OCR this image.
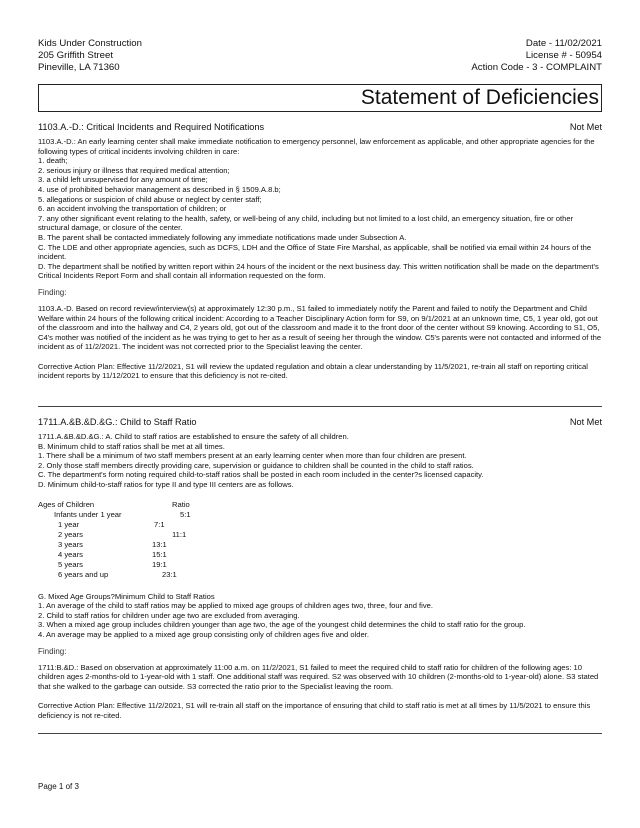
Kids Under Construction
205 Griffith Street
Pineville, LA 71360
Date - 11/02/2021
License # - 50954
Action Code - 3 - COMPLAINT
Statement of Deficiencies
1103.A.-D.: Critical Incidents and Required Notifications	Not Met
1103.A.-D.: An early learning center shall make immediate notification to emergency personnel, law enforcement as applicable, and other appropriate agencies for the following types of critical incidents involving children in care:
1. death;
2. serious injury or illness that required medical attention;
3. a child left unsupervised for any amount of time;
4. use of prohibited behavior management as described in § 1509.A.8.b;
5. allegations or suspicion of child abuse or neglect by center staff;
6. an accident involving the transportation of children; or
7. any other significant event relating to the health, safety, or well-being of any child, including but not limited to a lost child, an emergency situation, fire or other structural damage, or closure of the center.
B. The parent shall be contacted immediately following any immediate notifications made under Subsection A.
C. The LDE and other appropriate agencies, such as DCFS, LDH and the Office of State Fire Marshal, as applicable, shall be notified via email within 24 hours of the incident.
D. The department shall be notified by written report within 24 hours of the incident or the next business day. This written notification shall be made on the department's Critical Incidents Report Form and shall contain all information requested on the form.
Finding:
1103.A.-D. Based on record review/interview(s) at approximately 12:30 p.m., S1 failed to immediately notify the Parent and failed to notify the Department and Child Welfare within 24 hours of the following critical incident: According to a Teacher Disciplinary Action form for S9, on 9/1/2021 at an unknown time, C5, 1 year old, got out of the classroom and into the hallway and C4, 2 years old, got out of the classroom and made it to the front door of the center without S9 knowing. According to S1, O5, C4's mother was notified of the incident as he was trying to get to her as a result of seeing her through the window. C5's parents were not contacted and informed of the incident as of 11/2/2021. The incident was not corrected prior to the Specialist leaving the center.
Corrective Action Plan: Effective 11/2/2021, S1 will review the updated regulation and obtain a clear understanding by 11/5/2021, re-train all staff on reporting critical incident reports by 11/12/2021 to ensure that this deficiency is not re-cited.
1711.A.&B.&D.&G.: Child to Staff Ratio	Not Met
1711.A.&B.&D.&G.: A. Child to staff ratios are established to ensure the safety of all children.
B. Minimum child to staff ratios shall be met at all times.
1. There shall be a minimum of two staff members present at an early learning center when more than four children are present.
2. Only those staff members directly providing care, supervision or guidance to children shall be counted in the child to staff ratios.
C. The department's form noting required child-to-staff ratios shall be posted in each room included in the center?s licensed capacity.
D. Minimum child-to-staff ratios for type II and type III centers are as follows.
Ages of Children	Ratio
Infants under 1 year	5:1
1 year	7:1
2 years	11:1
3 years	13:1
4 years	15:1
5 years	19:1
6 years and up	23:1
G. Mixed Age Groups?Minimum Child to Staff Ratios
1. An average of the child to staff ratios may be applied to mixed age groups of children ages two, three, four and five.
2. Child to staff ratios for children under age two are excluded from averaging.
3. When a mixed age group includes children younger than age two, the age of the youngest child determines the child to staff ratio for the group.
4. An average may be applied to a mixed age group consisting only of children ages five and older.
Finding:
1711:B.&D.: Based on observation at approximately 11:00 a.m. on 11/2/2021, S1 failed to meet the required child to staff ratio for children of the following ages: 10 children ages 2-months-old to 1-year-old with 1 staff. One additional staff was required. S2 was observed with 10 children (2-months-old to 1-year-old) alone. S3 stated that she walked to the garbage can outside. S3 corrected the ratio prior to the Specialist leaving the room.
Corrective Action Plan: Effective 11/2/2021, S1 will re-train all staff on the importance of ensuring that child to staff ratio is met at all times by 11/5/2021 to ensure this deficiency is not re-cited.
Page 1 of 3
